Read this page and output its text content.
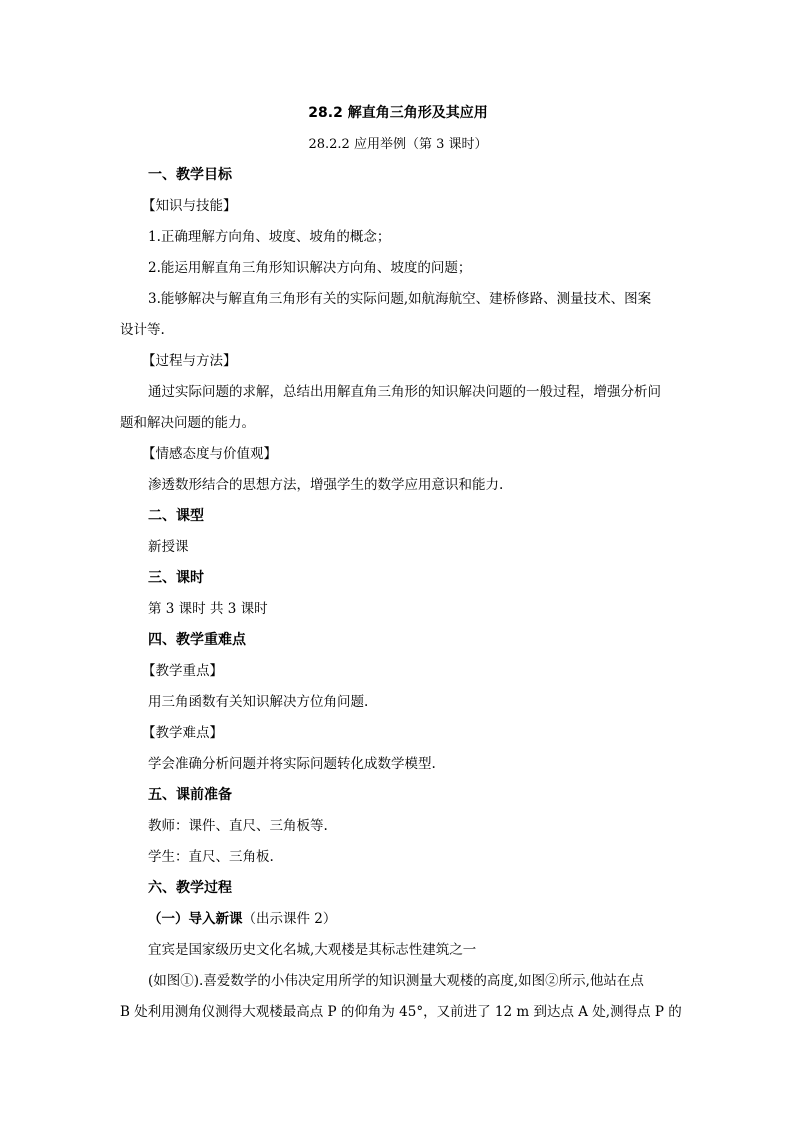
28.2 解直角三角形及其应用
28.2.2 应用举例（第 3 课时）
一、教学目标
【知识与技能】
1.正确理解方向角、坡度、坡角的概念；
2.能运用解直角三角形知识解决方向角、坡度的问题；
3.能够解决与解直角三角形有关的实际问题,如航海航空、建桥修路、测量技术、图案
设计等.
【过程与方法】
通过实际问题的求解，总结出用解直角三角形的知识解决问题的一般过程，增强分析问
题和解决问题的能力。
【情感态度与价值观】
渗透数形结合的思想方法，增强学生的数学应用意识和能力.
二、课型
新授课
三、课时
第 3 课时 共 3 课时
四、教学重难点
【教学重点】
用三角函数有关知识解决方位角问题.
【教学难点】
学会准确分析问题并将实际问题转化成数学模型.
五、课前准备
教师：课件、直尺、三角板等.
学生：直尺、三角板.
六、教学过程
（一）导入新课（出示课件 2）
宜宾是国家级历史文化名城,大观楼是其标志性建筑之一
(如图①).喜爱数学的小伟决定用所学的知识测量大观楼的高度,如图②所示,他站在点
B 处利用测角仪测得大观楼最高点 P 的仰角为 45°，又前进了 12 m 到达点 A 处,测得点 P 的
